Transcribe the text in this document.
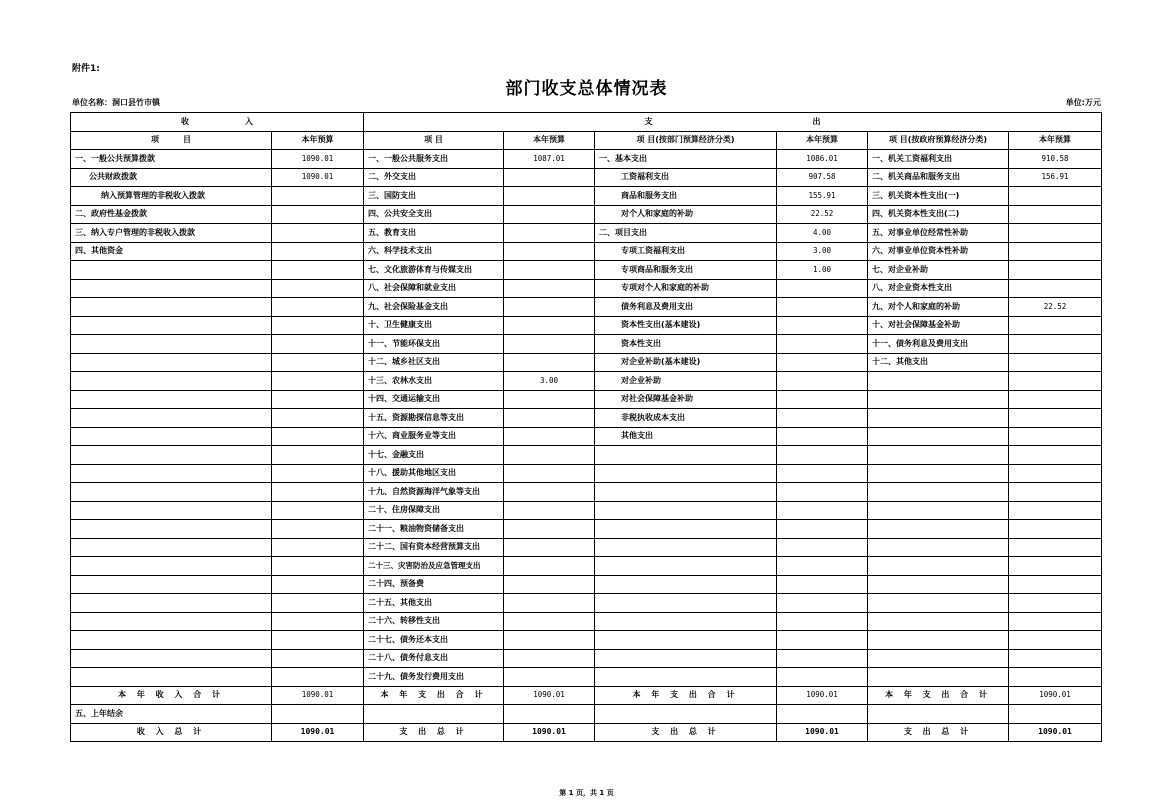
附件1:
部门收支总体情况表
单位名称：洞口县竹市镇	单位:万元
收　　　　　　　入		支　　　　　　　　　　　　　　　　　　　　出					
项　　　目	本年预算	项 目	本年预算	项 目(按部门预算经济分类)	本年预算	项 目(按政府预算经济分类)	本年预算
一、一般公共预算拨款	1090.01	一、一般公共服务支出	1087.01	一、基本支出	1086.01	一、机关工资福利支出	910.58
公共财政拨款	1090.01	二、外交支出		工资福利支出	907.58	二、机关商品和服务支出	156.91
纳入预算管理的非税收入拨款		三、国防支出		商品和服务支出	155.91	三、机关资本性支出(一)	
二、政府性基金拨款		四、公共安全支出		对个人和家庭的补助	22.52	四、机关资本性支出(二)	
三、纳入专户管理的非税收入拨款		五、教育支出		二、项目支出	4.00	五、对事业单位经常性补助	
四、其他资金		六、科学技术支出		专项工资福利支出	3.00	六、对事业单位资本性补助	
		七、文化旅游体育与传媒支出		专项商品和服务支出	1.00	七、对企业补助	
		八、社会保障和就业支出		专项对个人和家庭的补助		八、对企业资本性支出	
		九、社会保险基金支出		债务利息及费用支出		九、对个人和家庭的补助	22.52
		十、卫生健康支出		资本性支出(基本建设)		十、对社会保障基金补助	
		十一、节能环保支出		资本性支出		十一、债务利息及费用支出	
		十二、城乡社区支出		对企业补助(基本建设)		十二、其他支出	
		十三、农林水支出	3.00	对企业补助			
		十四、交通运输支出		对社会保障基金补助			
		十五、资源勘探信息等支出		非税执收成本支出			
		十六、商业服务业等支出		其他支出			
		十七、金融支出					
		十八、援助其他地区支出					
		十九、自然资源海洋气象等支出					
		二十、住房保障支出					
		二十一、粮油物资储备支出					
		二十二、国有资本经营预算支出					
		二十三、灾害防治及应急管理支出					
		二十四、预备费					
		二十五、其他支出					
		二十六、转移性支出					
		二十七、债务还本支出					
		二十八、债务付息支出					
		二十九、债务发行费用支出					
本 年 收 入 合 计	1090.01	本 年 支 出 合 计	1090.01	本 年 支 出 合 计	1090.01	本 年 支 出 合 计	1090.01
五、上年结余							
收 入 总 计	1090.01	支 出 总 计	1090.01	支 出 总 计	1090.01	支 出 总 计	1090.01
第 1 页，共 1 页
